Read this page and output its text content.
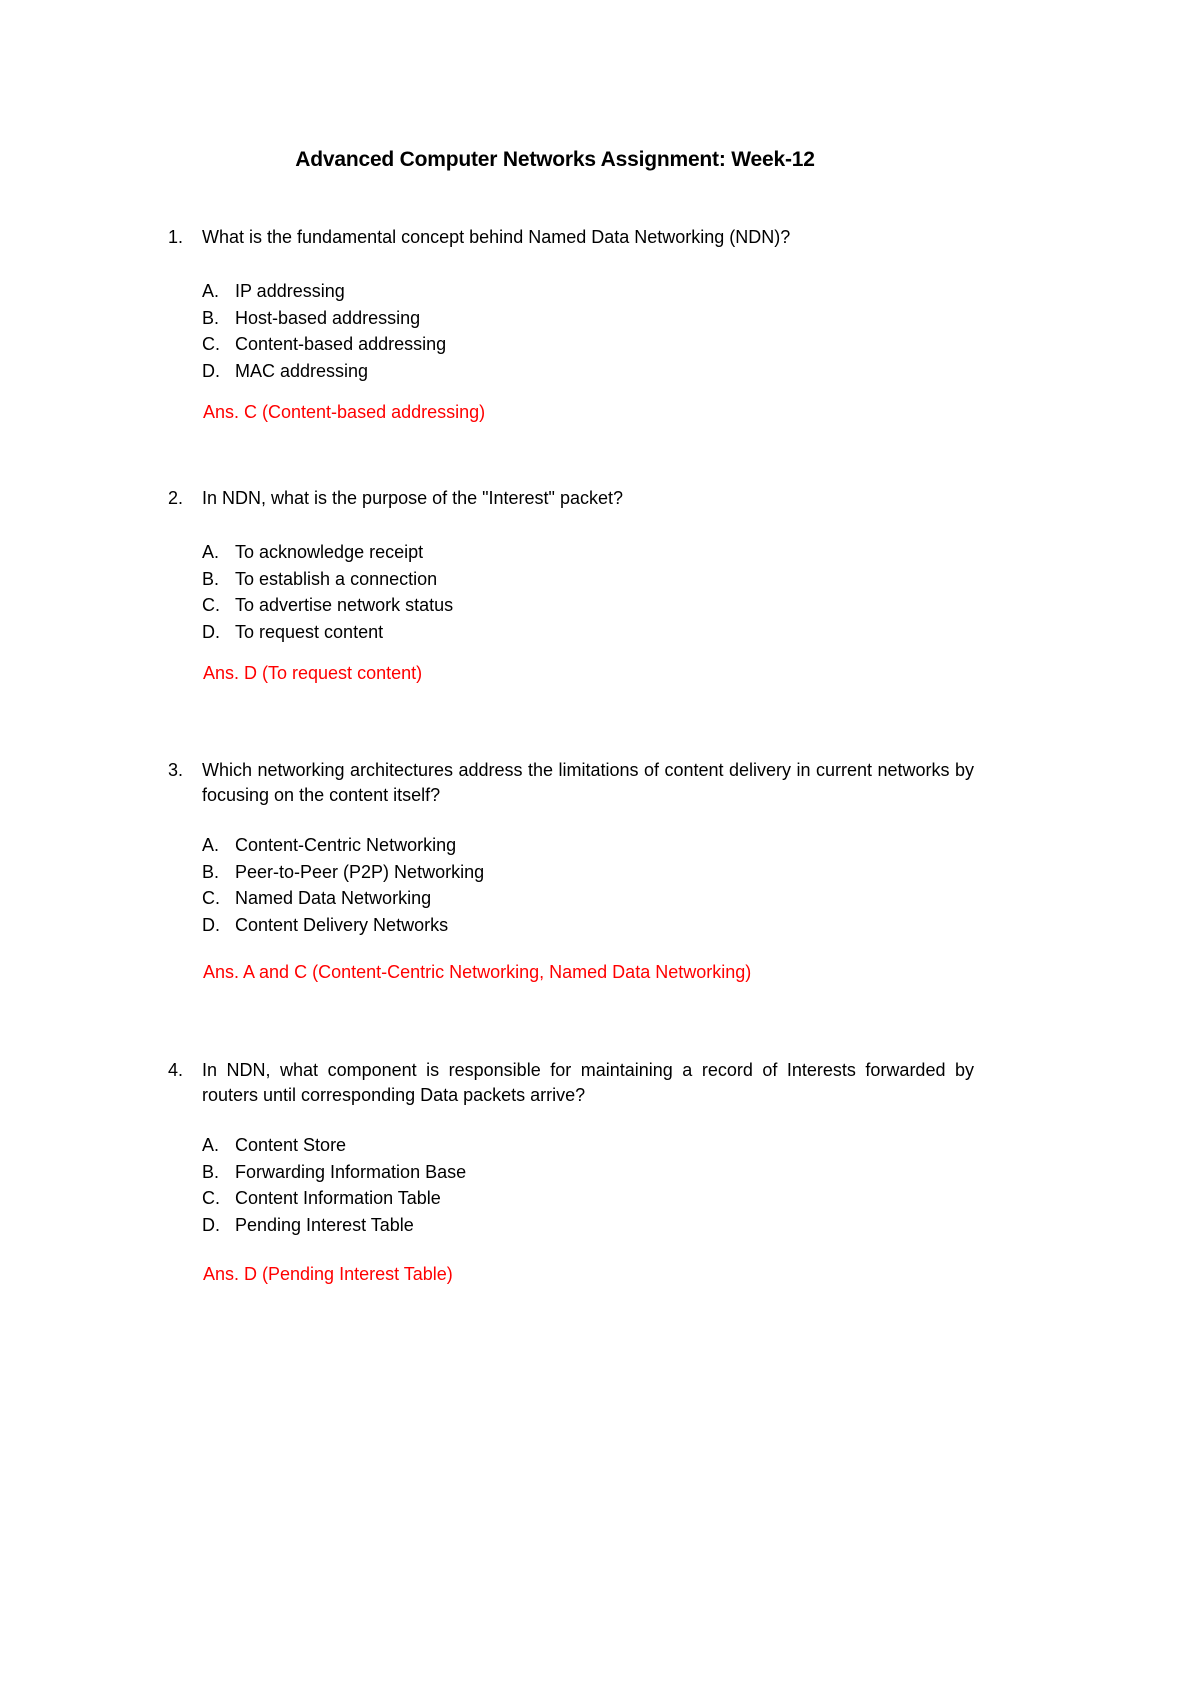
Advanced Computer Networks Assignment: Week-12
1.	What is the fundamental concept behind Named Data Networking (NDN)?
A. IP addressing
B. Host-based addressing
C. Content-based addressing
D. MAC addressing
Ans. C (Content-based addressing)
2.	In NDN, what is the purpose of the "Interest" packet?
A. To acknowledge receipt
B. To establish a connection
C. To advertise network status
D. To request content
Ans. D (To request content)
3.	Which networking architectures address the limitations of content delivery in current networks by focusing on the content itself?
A. Content-Centric Networking
B. Peer-to-Peer (P2P) Networking
C. Named Data Networking
D. Content Delivery Networks
Ans. A and C (Content-Centric Networking, Named Data Networking)
4.	In NDN, what component is responsible for maintaining a record of Interests forwarded by routers until corresponding Data packets arrive?
A. Content Store
B. Forwarding Information Base
C. Content Information Table
D. Pending Interest Table
Ans. D (Pending Interest Table)
